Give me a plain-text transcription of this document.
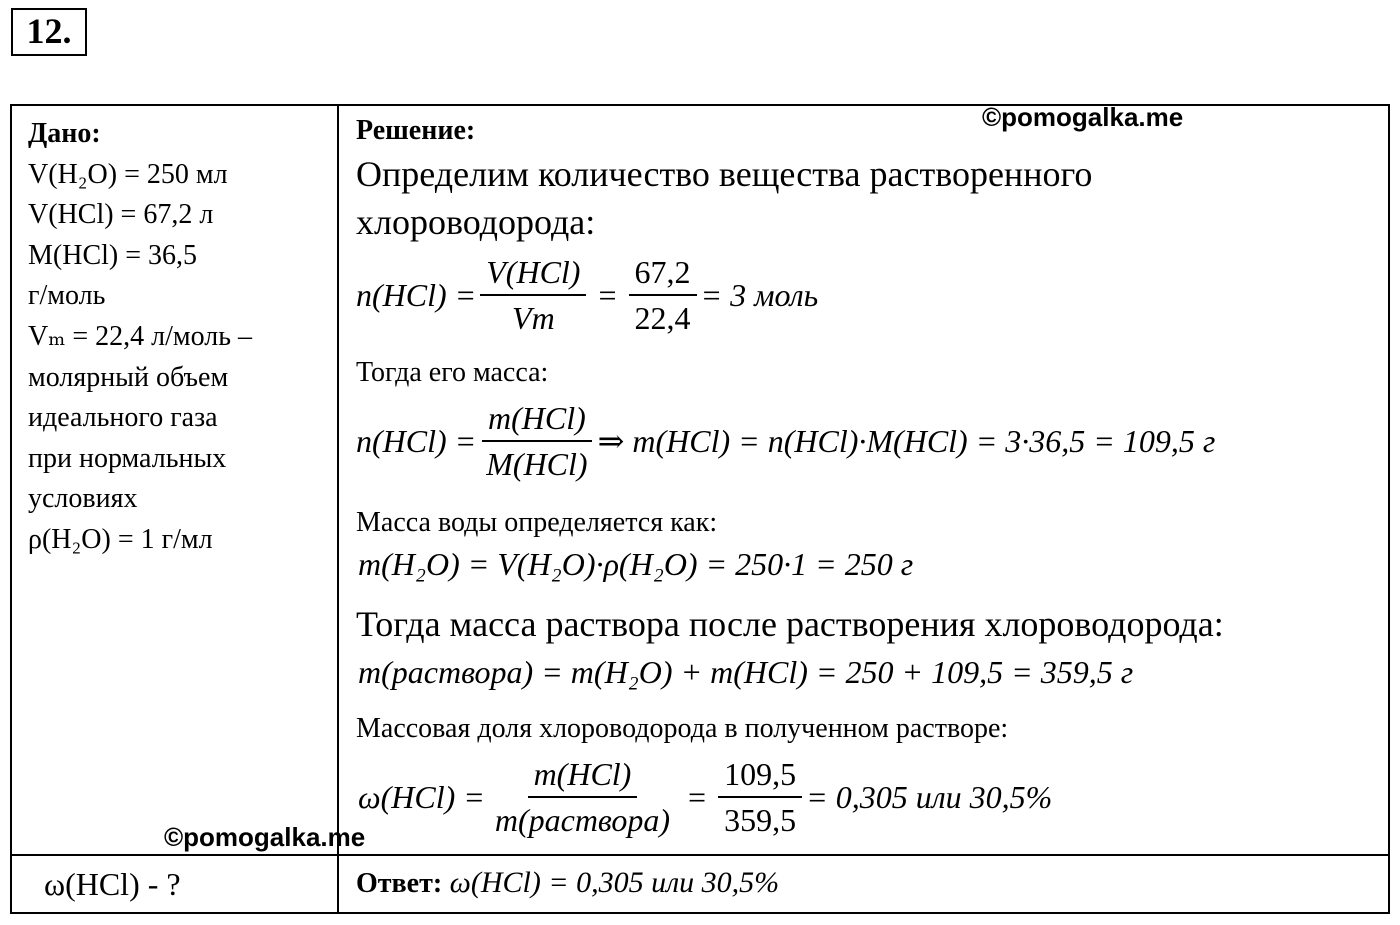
12.
Дано:
V(H₂O) = 250 мл
V(HCl) = 67,2 л
M(HCl) = 36,5
г/моль
Vₘ = 22,4 л/моль –
молярный объем
идеального газа
при нормальных
условиях
ρ(H₂O) = 1 г/мл
©pomogalka.me
©pomogalka.me
Решение:
Определим количество вещества растворенного
хлороводорода:
$n(HCl) = \frac{\text{V(HCl)}}{Vm} = \frac{67,2}{22,4} = 3$ моль
Тогда его масса:
$n(HCl) = \frac{\text{m(HCl)}}{\text{M(HCl)}}$ ⇒ m(HCl) = n(HCl)·M(HCl) = 3·36,5 = 109,5 г
Масса воды определяется как:
m(H₂O) = V(H₂O)·ρ(H₂O) = 250·1 = 250 г
Тогда масса раствора после растворения хлороводорода:
m(раствора) = m(H₂O) + m(HCl) = 250 + 109,5 = 359,5 г
Массовая доля хлороводорода в полученном растворе:
$\omega(HCl) = \frac{\text{m(HCl)}}{\text{m(раствора)}} = \frac{109,5}{359,5} = 0,305$ или 30,5%
ω(HCl) - ?	Ответ: ω(HCl) = 0,305 или 30,5%
